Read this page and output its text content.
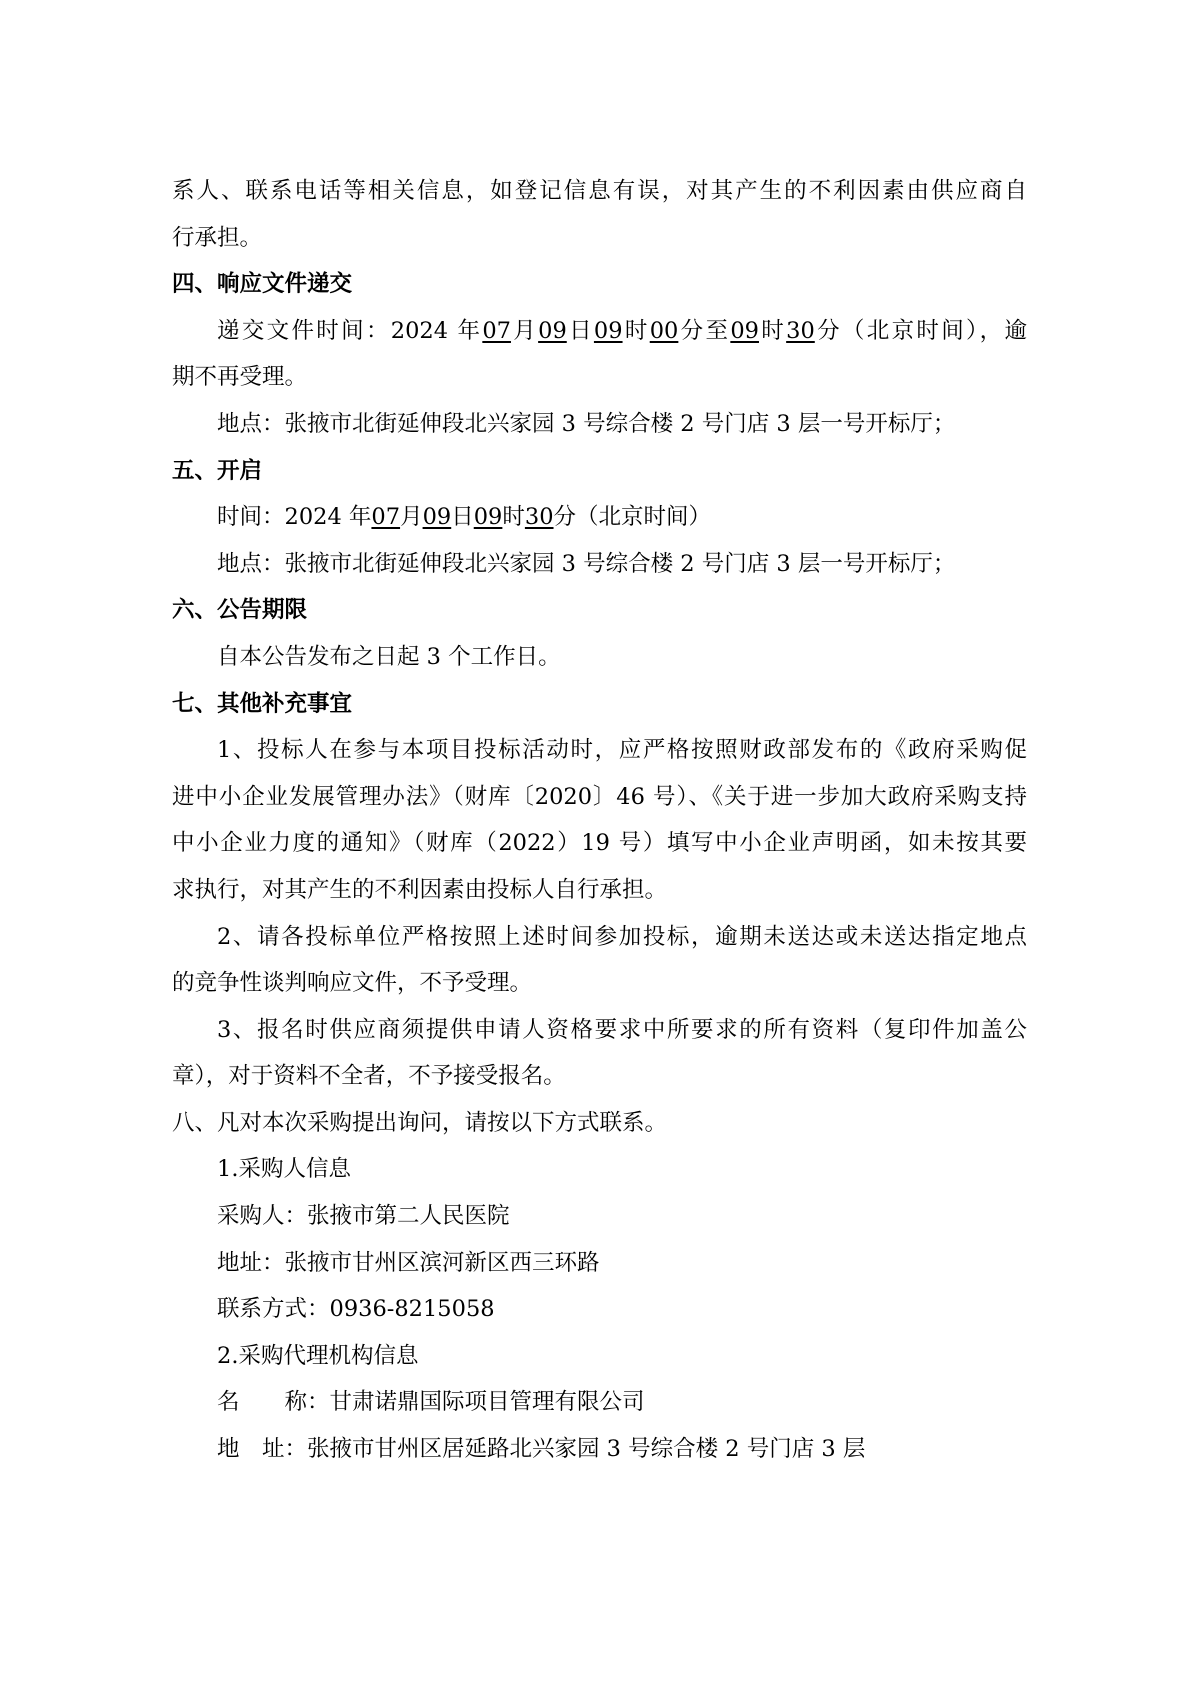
系人、联系电话等相关信息，如登记信息有误，对其产生的不利因素由供应商自
行承担。
四、响应文件递交
递交文件时间：2024 年07月09日09时00分至09时30分（北京时间），逾
期不再受理。
地点：张掖市北街延伸段北兴家园 3 号综合楼 2 号门店 3 层一号开标厅；
五、开启
时间：2024 年07月09日09时30分（北京时间）
地点：张掖市北街延伸段北兴家园 3 号综合楼 2 号门店 3 层一号开标厅；
六、公告期限
自本公告发布之日起 3 个工作日。
七、其他补充事宜
1、投标人在参与本项目投标活动时，应严格按照财政部发布的《政府采购促
进中小企业发展管理办法》（财库〔2020〕46 号）、《关于进一步加大政府采购支持
中小企业力度的通知》（财库（2022）19 号）填写中小企业声明函，如未按其要
求执行，对其产生的不利因素由投标人自行承担。
2、请各投标单位严格按照上述时间参加投标，逾期未送达或未送达指定地点
的竞争性谈判响应文件，不予受理。
3、报名时供应商须提供申请人资格要求中所要求的所有资料（复印件加盖公
章），对于资料不全者，不予接受报名。
八、凡对本次采购提出询问，请按以下方式联系。
1.采购人信息
采购人：张掖市第二人民医院
地址：张掖市甘州区滨河新区西三环路
联系方式：0936-8215058
2.采购代理机构信息
名　　称：甘肃诺鼎国际项目管理有限公司
地　址：张掖市甘州区居延路北兴家园 3 号综合楼 2 号门店 3 层
